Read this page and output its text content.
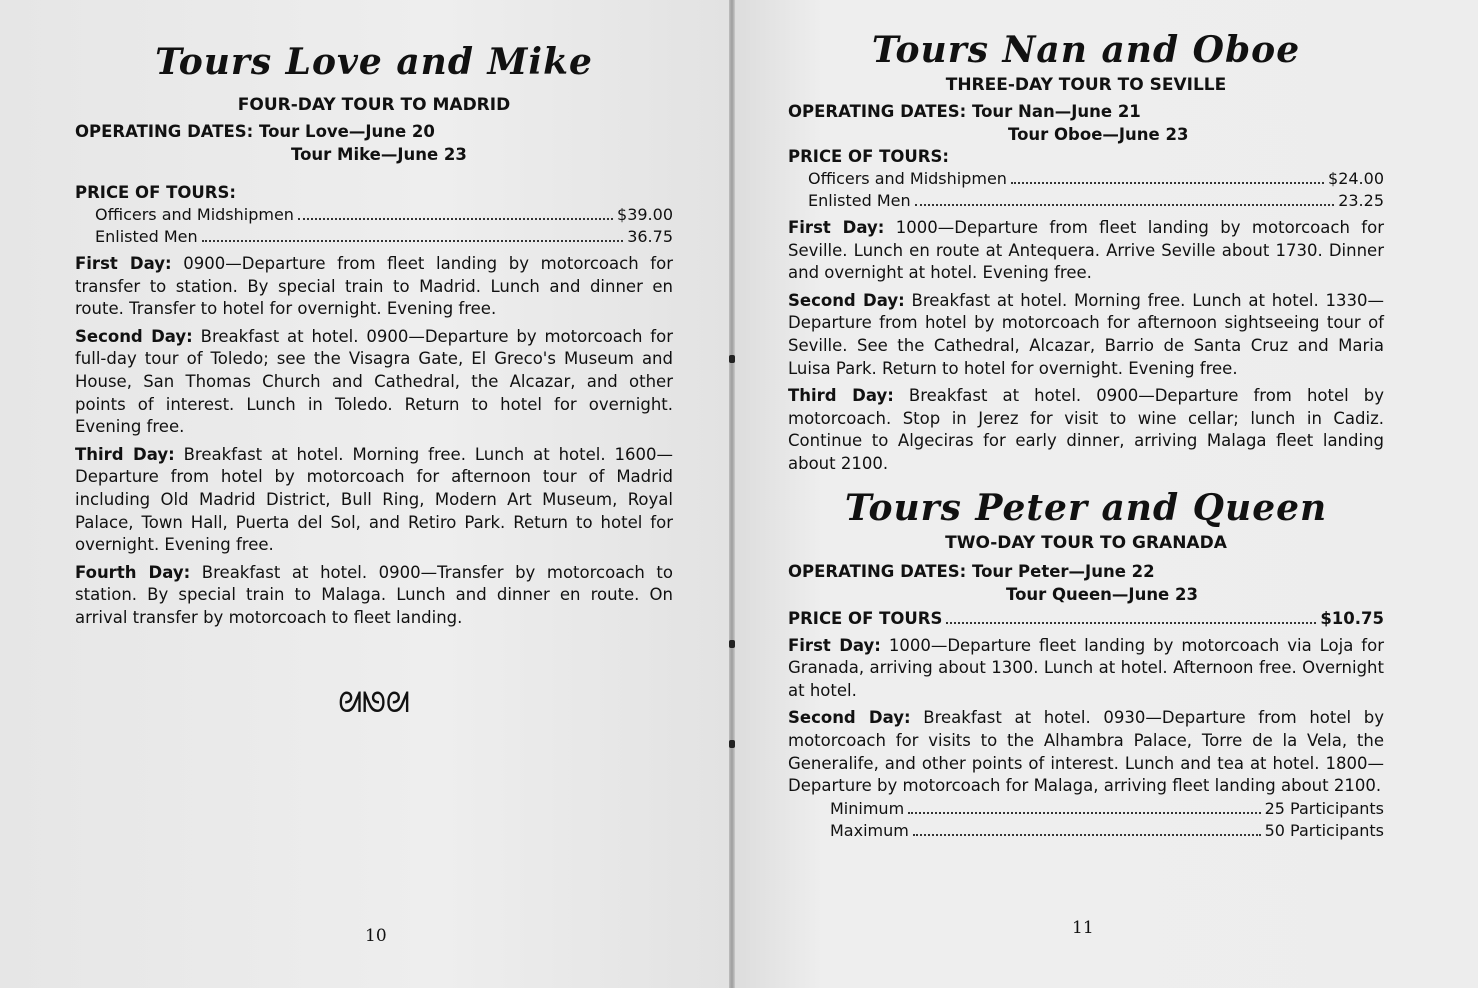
Tours Love and Mike
FOUR-DAY TOUR TO MADRID
OPERATING DATES: Tour Love—June 20
Tour Mike—June 23
PRICE OF TOURS:
Officers and Midshipmen	$39.00
Enlisted Men	36.75
First Day: 0900—Departure from fleet landing by motorcoach for transfer to station. By special train to Madrid. Lunch and dinner en route. Transfer to hotel for overnight. Evening free.
Second Day: Breakfast at hotel. 0900—Departure by motorcoach for full-day tour of Toledo; see the Visagra Gate, El Greco's Museum and House, San Thomas Church and Cathedral, the Alcazar, and other points of interest. Lunch in Toledo. Return to hotel for overnight. Evening free.
Third Day: Breakfast at hotel. Morning free. Lunch at hotel. 1600—Departure from hotel by motorcoach for afternoon tour of Madrid including Old Madrid District, Bull Ring, Modern Art Museum, Royal Palace, Town Hall, Puerta del Sol, and Retiro Park. Return to hotel for overnight. Evening free.
Fourth Day: Breakfast at hotel. 0900—Transfer by motorcoach to station. By special train to Malaga. Lunch and dinner en route. On arrival transfer by motorcoach to fleet landing.
ᘛᘚᘛ
10
Tours Nan and Oboe
THREE-DAY TOUR TO SEVILLE
OPERATING DATES: Tour Nan—June 21
Tour Oboe—June 23
PRICE OF TOURS:
Officers and Midshipmen	$24.00
Enlisted Men	23.25
First Day: 1000—Departure from fleet landing by motorcoach for Seville. Lunch en route at Antequera. Arrive Seville about 1730. Dinner and overnight at hotel. Evening free.
Second Day: Breakfast at hotel. Morning free. Lunch at hotel. 1330—Departure from hotel by motorcoach for afternoon sightseeing tour of Seville. See the Cathedral, Alcazar, Barrio de Santa Cruz and Maria Luisa Park. Return to hotel for overnight. Evening free.
Third Day: Breakfast at hotel. 0900—Departure from hotel by motorcoach. Stop in Jerez for visit to wine cellar; lunch in Cadiz. Continue to Algeciras for early dinner, arriving Malaga fleet landing about 2100.
Tours Peter and Queen
TWO-DAY TOUR TO GRANADA
OPERATING DATES: Tour Peter—June 22
Tour Queen—June 23
PRICE OF TOURS	$10.75
First Day: 1000—Departure fleet landing by motorcoach via Loja for Granada, arriving about 1300. Lunch at hotel. Afternoon free. Overnight at hotel.
Second Day: Breakfast at hotel. 0930—Departure from hotel by motorcoach for visits to the Alhambra Palace, Torre de la Vela, the Generalife, and other points of interest. Lunch and tea at hotel. 1800—Departure by motorcoach for Malaga, arriving fleet landing about 2100.
Minimum	25 Participants
Maximum	50 Participants
11
